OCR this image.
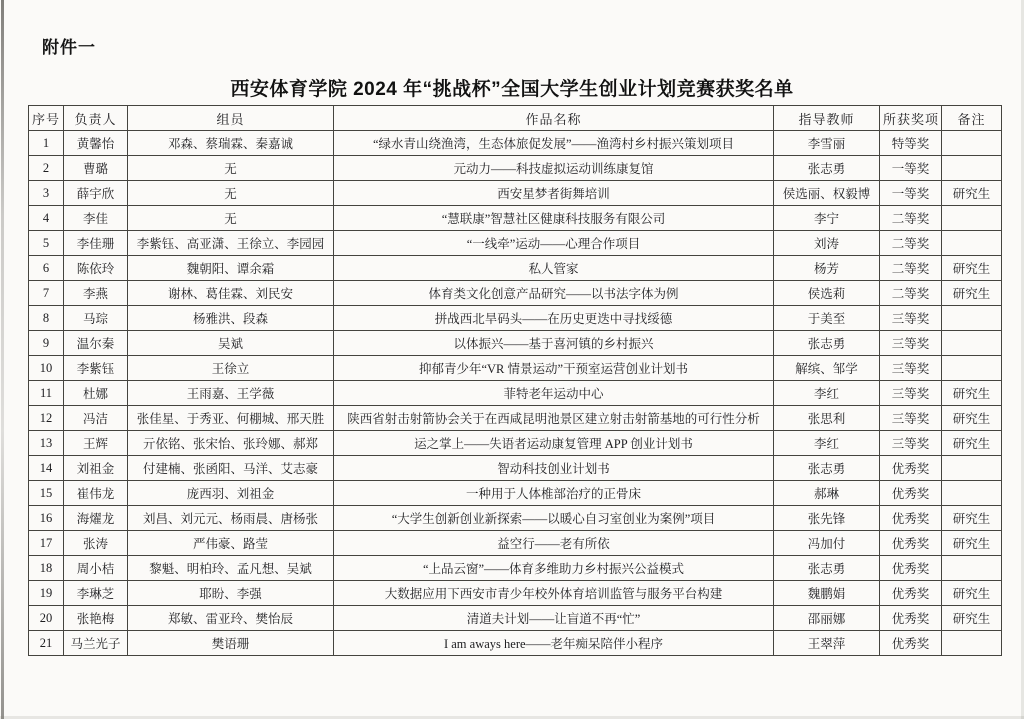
附件一
西安体育学院 2024 年“挑战杯”全国大学生创业计划竞赛获奖名单
序号	负责人	组员	作品名称	指导教师	所获奖项	备注
1	黄馨怡	邓森、蔡瑞霖、秦嘉诚	“绿水青山绕渔湾，生态体旅促发展”——渔湾村乡村振兴策划项目	李雪丽	特等奖	
2	曹璐	无	元动力——科技虚拟运动训练康复馆	张志勇	一等奖	
3	薛宇欣	无	西安星梦者街舞培训	侯选丽、权毅博	一等奖	研究生
4	李佳	无	“慧联康”智慧社区健康科技服务有限公司	李宁	二等奖	
5	李佳珊	李紫钰、高亚潇、王徐立、李园园	“一线牵”运动——心理合作项目	刘涛	二等奖	
6	陈依玲	魏朝阳、谭余霜	私人管家	杨芳	二等奖	研究生
7	李燕	谢林、葛佳霖、刘民安	体育类文化创意产品研究——以书法字体为例	侯选莉	二等奖	研究生
8	马琮	杨雅洪、段森	拼战西北旱码头——在历史更迭中寻找绥德	于美至	三等奖	
9	温尔秦	吴斌	以体振兴——基于喜河镇的乡村振兴	张志勇	三等奖	
10	李紫钰	王徐立	抑郁青少年“VR 情景运动”干预室运营创业计划书	解缤、邹学	三等奖	
11	杜娜	王雨嘉、王学薇	菲特老年运动中心	李红	三等奖	研究生
12	冯洁	张佳星、于秀亚、何棚城、邢天胜	陕西省射击射箭协会关于在西咸昆明池景区建立射击射箭基地的可行性分析	张思利	三等奖	研究生
13	王辉	亓依铭、张宋怡、张玲娜、郝郑	运之掌上——失语者运动康复管理 APP 创业计划书	李红	三等奖	研究生
14	刘祖金	付建楠、张函阳、马洋、艾志豪	智动科技创业计划书	张志勇	优秀奖	
15	崔伟龙	庞西羽、刘祖金	一种用于人体椎部治疗的正骨床	郝琳	优秀奖	
16	海燿龙	刘昌、刘元元、杨雨晨、唐杨张	“大学生创新创业新探索——以暖心自习室创业为案例”项目	张先锋	优秀奖	研究生
17	张涛	严伟豪、路莹	益空行——老有所依	冯加付	优秀奖	研究生
18	周小桔	黎魁、明柏玲、孟凡想、吴斌	“上品云窗”——体育多维助力乡村振兴公益模式	张志勇	优秀奖	
19	李琳芝	耶盼、李强	大数据应用下西安市青少年校外体育培训监管与服务平台构建	魏鹏娟	优秀奖	研究生
20	张艳梅	郑敏、雷亚玲、樊怡辰	清道夫计划——让盲道不再“忙”	邵丽娜	优秀奖	研究生
21	马兰光子	樊语珊	I am aways here——老年痴呆陪伴小程序	王翠萍	优秀奖	
